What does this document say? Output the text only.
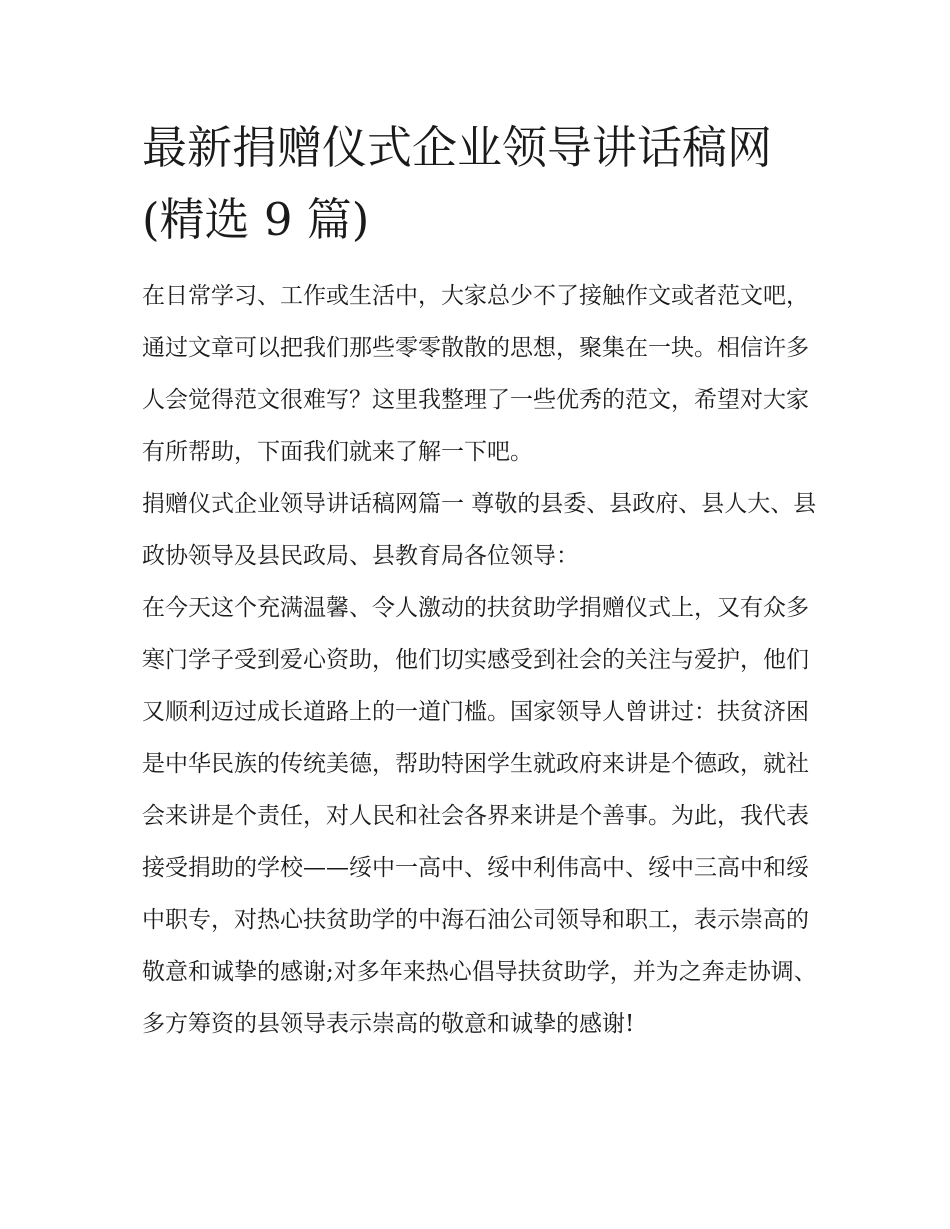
最新捐赠仪式企业领导讲话稿网(精选 9 篇)

在日常学习、工作或生活中，大家总少不了接触作文或者范文吧，通过文章可以把我们那些零零散散的思想，聚集在一块。相信许多人会觉得范文很难写？这里我整理了一些优秀的范文，希望对大家有所帮助，下面我们就来了解一下吧。

捐赠仪式企业领导讲话稿网篇一 尊敬的县委、县政府、县人大、县政协领导及县民政局、县教育局各位领导：

在今天这个充满温馨、令人激动的扶贫助学捐赠仪式上，又有众多寒门学子受到爱心资助，他们切实感受到社会的关注与爱护，他们又顺利迈过成长道路上的一道门槛。国家领导人曾讲过：扶贫济困是中华民族的传统美德，帮助特困学生就政府来讲是个德政，就社会来讲是个责任，对人民和社会各界来讲是个善事。为此，我代表接受捐助的学校——绥中一高中、绥中利伟高中、绥中三高中和绥中职专，对热心扶贫助学的中海石油公司领导和职工，表示崇高的敬意和诚挚的感谢;对多年来热心倡导扶贫助学，并为之奔走协调、多方筹资的县领导表示崇高的敬意和诚挚的感谢!
